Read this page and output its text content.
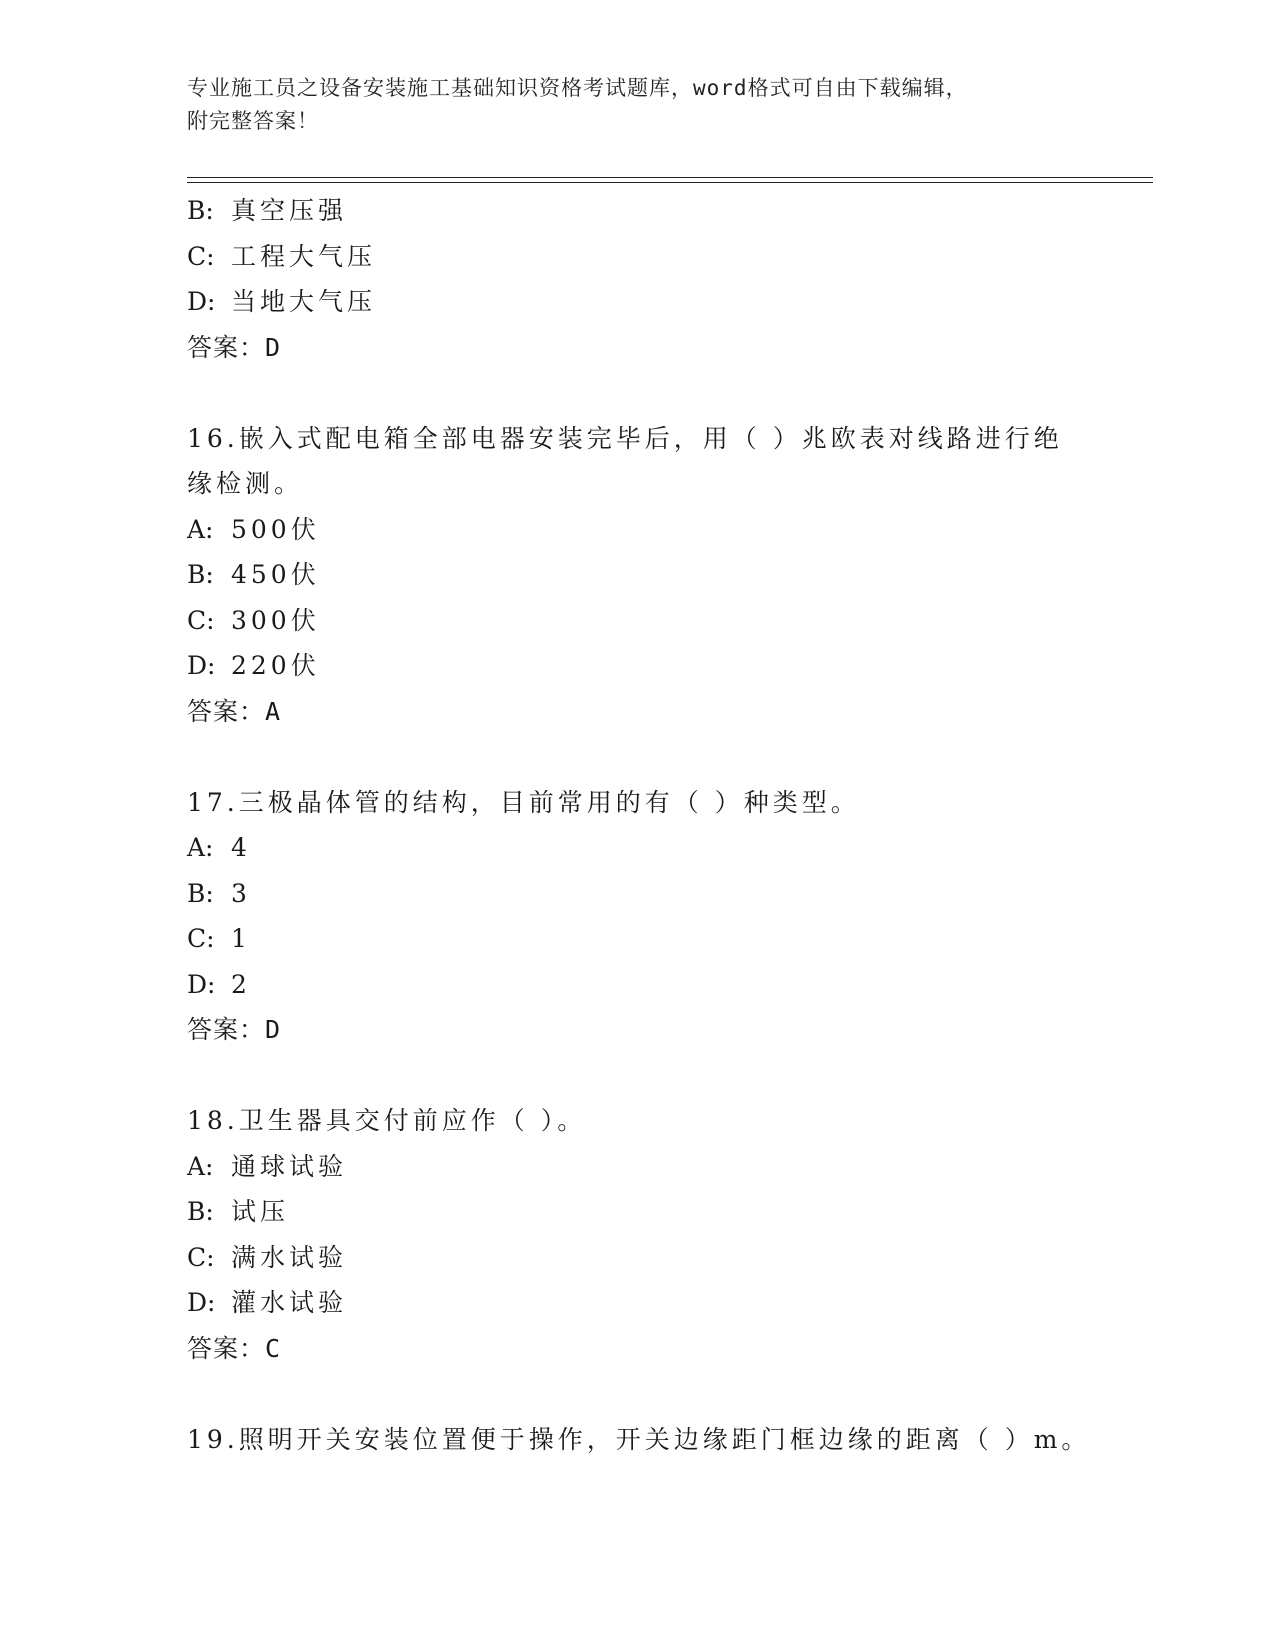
专业施工员之设备安装施工基础知识资格考试题库，word格式可自由下载编辑，
附完整答案！
B: 真空压强
C: 工程大气压
D: 当地大气压
答案：D
16.嵌入式配电箱全部电器安装完毕后，用（ ）兆欧表对线路进行绝
缘检测。
A: 500伏
B: 450伏
C: 300伏
D: 220伏
答案：A
17.三极晶体管的结构，目前常用的有（ ）种类型。
A: 4
B: 3
C: 1
D: 2
答案：D
18.卫生器具交付前应作（ ）。
A: 通球试验
B: 试压
C: 满水试验
D: 灌水试验
答案：C
19.照明开关安装位置便于操作，开关边缘距门框边缘的距离（ ）m。
